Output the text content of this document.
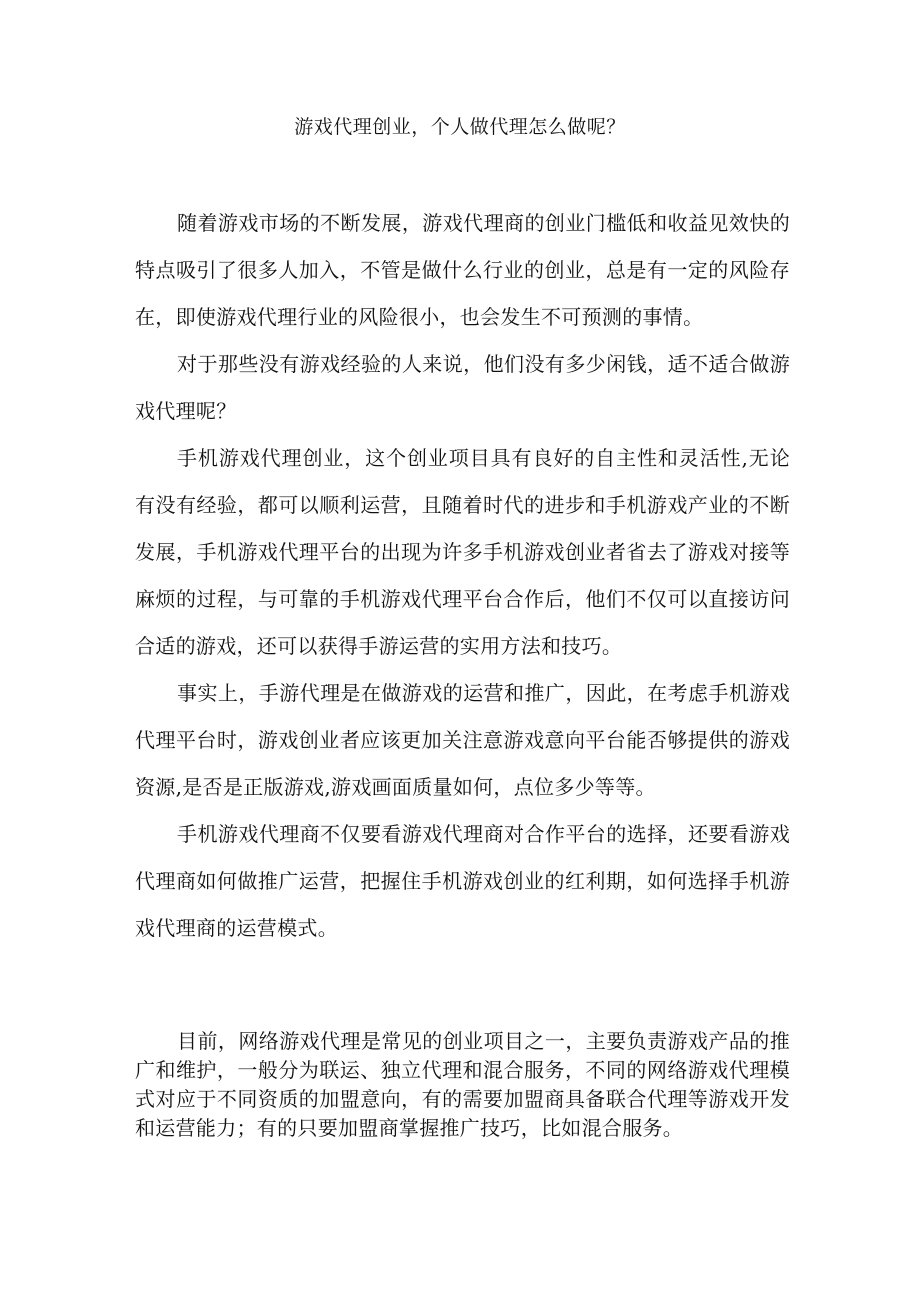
游戏代理创业，个人做代理怎么做呢？

随着游戏市场的不断发展，游戏代理商的创业门槛低和收益见效快的特点吸引了很多人加入，不管是做什么行业的创业，总是有一定的风险存在，即使游戏代理行业的风险很小，也会发生不可预测的事情。

对于那些没有游戏经验的人来说，他们没有多少闲钱，适不适合做游戏代理呢？

手机游戏代理创业，这个创业项目具有良好的自主性和灵活性,无论有没有经验，都可以顺利运营，且随着时代的进步和手机游戏产业的不断发展，手机游戏代理平台的出现为许多手机游戏创业者省去了游戏对接等麻烦的过程，与可靠的手机游戏代理平台合作后，他们不仅可以直接访问合适的游戏，还可以获得手游运营的实用方法和技巧。

事实上，手游代理是在做游戏的运营和推广，因此，在考虑手机游戏代理平台时，游戏创业者应该更加关注意游戏意向平台能否够提供的游戏资源,是否是正版游戏,游戏画面质量如何，点位多少等等。

手机游戏代理商不仅要看游戏代理商对合作平台的选择，还要看游戏代理商如何做推广运营，把握住手机游戏创业的红利期，如何选择手机游戏代理商的运营模式。

目前，网络游戏代理是常见的创业项目之一，主要负责游戏产品的推广和维护，一般分为联运、独立代理和混合服务，不同的网络游戏代理模式对应于不同资质的加盟意向，有的需要加盟商具备联合代理等游戏开发和运营能力；有的只要加盟商掌握推广技巧，比如混合服务。
